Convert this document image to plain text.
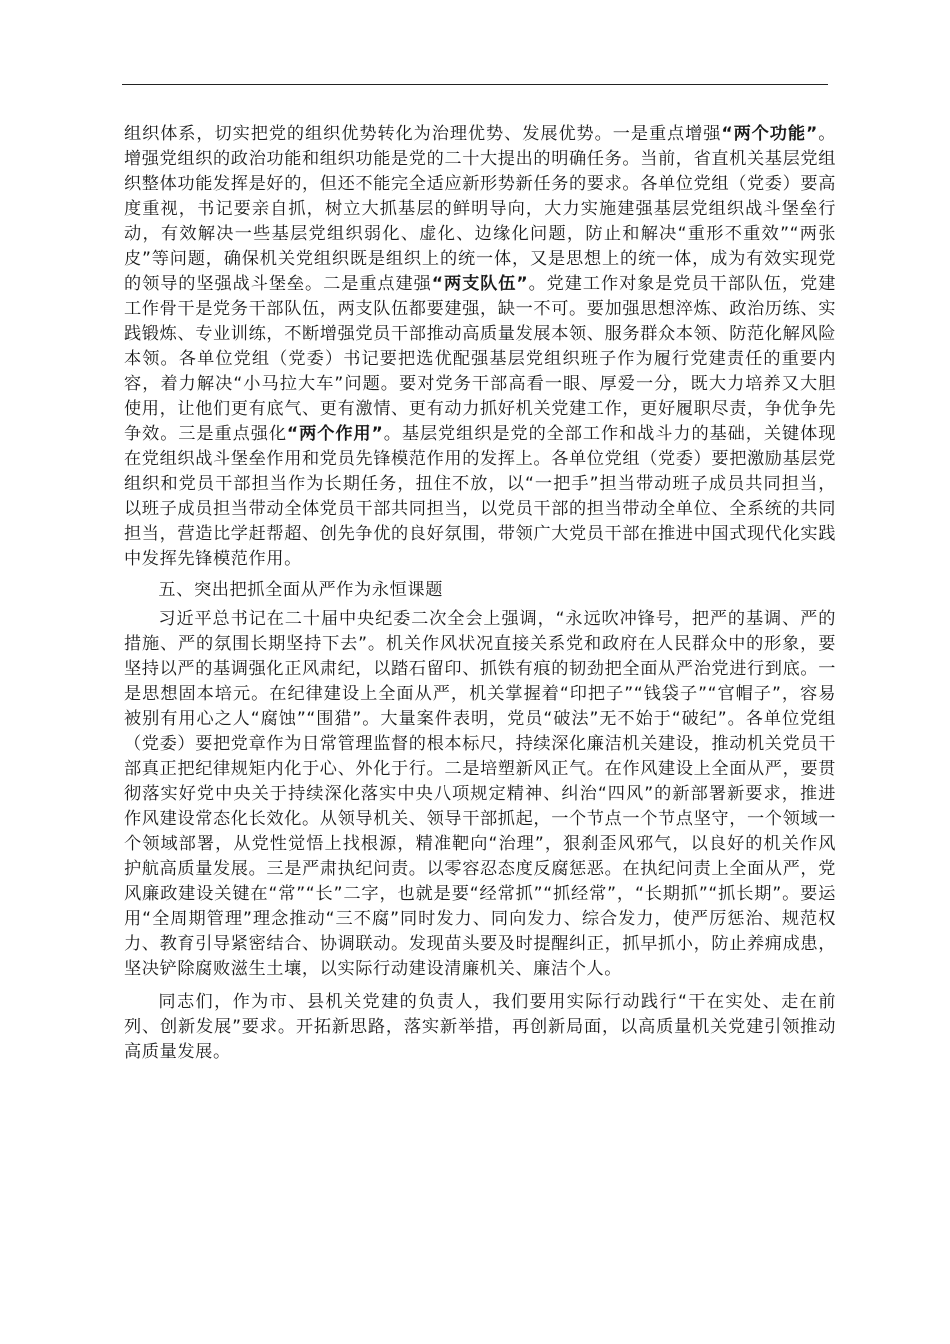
组织体系，切实把党的组织优势转化为治理优势、发展优势。一是重点增强“两个功能”。增强党组织的政治功能和组织功能是党的二十大提出的明确任务。当前，省直机关基层党组织整体功能发挥是好的，但还不能完全适应新形势新任务的要求。各单位党组（党委）要高度重视，书记要亲自抓，树立大抓基层的鲜明导向，大力实施建强基层党组织战斗堡垒行动，有效解决一些基层党组织弱化、虚化、边缘化问题，防止和解决“重形不重效”“两张皮”等问题，确保机关党组织既是组织上的统一体，又是思想上的统一体，成为有效实现党的领导的坚强战斗堡垒。二是重点建强“两支队伍”。党建工作对象是党员干部队伍，党建工作骨干是党务干部队伍，两支队伍都要建强，缺一不可。要加强思想淬炼、政治历练、实践锻炼、专业训练，不断增强党员干部推动高质量发展本领、服务群众本领、防范化解风险本领。各单位党组（党委）书记要把选优配强基层党组织班子作为履行党建责任的重要内容，着力解决“小马拉大车”问题。要对党务干部高看一眼、厚爱一分，既大力培养又大胆使用，让他们更有底气、更有激情、更有动力抓好机关党建工作，更好履职尽责，争优争先争效。三是重点强化“两个作用”。基层党组织是党的全部工作和战斗力的基础，关键体现在党组织战斗堡垒作用和党员先锋模范作用的发挥上。各单位党组（党委）要把激励基层党组织和党员干部担当作为长期任务，扭住不放，以“一把手”担当带动班子成员共同担当，以班子成员担当带动全体党员干部共同担当，以党员干部的担当带动全单位、全系统的共同担当，营造比学赶帮超、创先争优的良好氛围，带领广大党员干部在推进中国式现代化实践中发挥先锋模范作用。

五、突出把抓全面从严作为永恒课题

习近平总书记在二十届中央纪委二次全会上强调，“永远吹冲锋号，把严的基调、严的措施、严的氛围长期坚持下去”。机关作风状况直接关系党和政府在人民群众中的形象，要坚持以严的基调强化正风肃纪，以踏石留印、抓铁有痕的韧劲把全面从严治党进行到底。一是思想固本培元。在纪律建设上全面从严，机关掌握着“印把子”“钱袋子”“官帽子”，容易被别有用心之人“腐蚀”“围猎”。大量案件表明，党员“破法”无不始于“破纪”。各单位党组（党委）要把党章作为日常管理监督的根本标尺，持续深化廉洁机关建设，推动机关党员干部真正把纪律规矩内化于心、外化于行。二是培塑新风正气。在作风建设上全面从严，要贯彻落实好党中央关于持续深化落实中央八项规定精神、纠治“四风”的新部署新要求，推进作风建设常态化长效化。从领导机关、领导干部抓起，一个节点一个节点坚守，一个领域一个领域部署，从党性觉悟上找根源，精准靶向“治理”，狠刹歪风邪气，以良好的机关作风护航高质量发展。三是严肃执纪问责。以零容忍态度反腐惩恶。在执纪问责上全面从严，党风廉政建设关键在“常”“长”二字，也就是要“经常抓”“抓经常”，“长期抓”“抓长期”。要运用“全周期管理”理念推动“三不腐”同时发力、同向发力、综合发力，使严厉惩治、规范权力、教育引导紧密结合、协调联动。发现苗头要及时提醒纠正，抓早抓小，防止养痈成患，坚决铲除腐败滋生土壤，以实际行动建设清廉机关、廉洁个人。

同志们，作为市、县机关党建的负责人，我们要用实际行动践行“干在实处、走在前列、创新发展”要求。开拓新思路，落实新举措，再创新局面，以高质量机关党建引领推动高质量发展。
